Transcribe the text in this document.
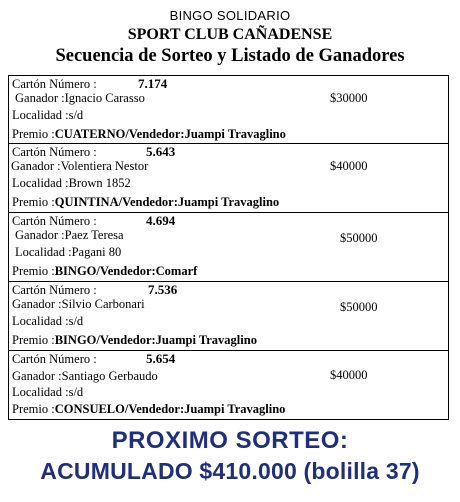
BINGO SOLIDARIO
SPORT CLUB CAÑADENSE
Secuencia de Sorteo y Listado de Ganadores
Cartón Número :	7.174
Ganador :Ignacio Carasso	$30000
Localidad :s/d
Premio :CUATERNO/Vendedor:Juampi Travaglino
Cartón Número :	5.643
Ganador :Volentiera Nestor	$40000
Localidad :Brown 1852
Premio :QUINTINA/Vendedor:Juampi Travaglino
Cartón Número :	4.694
Ganador :Paez Teresa	$50000
Localidad :Pagani 80
Premio :BINGO/Vendedor:Comarf
Cartón Número :	7.536
Ganador :Silvio Carbonari	$50000
Localidad :s/d
Premio :BINGO/Vendedor:Juampi Travaglino
Cartón Número :	5.654
Ganador :Santiago Gerbaudo	$40000
Localidad :s/d
Premio :CONSUELO/Vendedor:Juampi Travaglino
PROXIMO SORTEO:
ACUMULADO $410.000 (bolilla 37)
